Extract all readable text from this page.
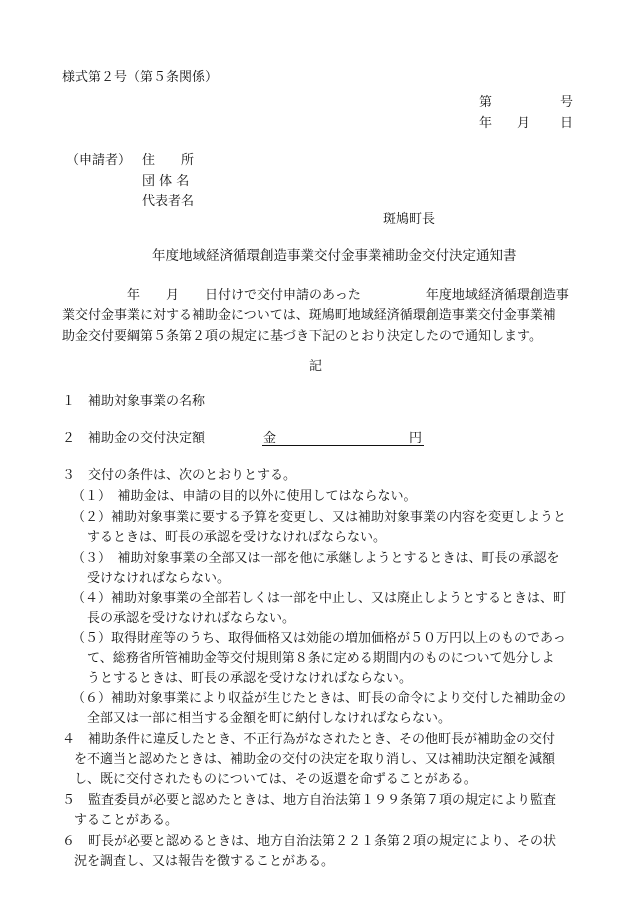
様式第２号（第５条関係）
第	号
年 月 日
（申請者） 住　　所
団 体 名
代表者名
斑鳩町長
年度地域経済循環創造事業交付金事業補助金交付決定通知書
　　　　　年　　月　　日付けで交付申請のあった　　　　　年度地域経済循環創造事
業交付金事業に対する補助金については、斑鳩町地域経済循環創造事業交付金事業補
助金交付要綱第５条第２項の規定に基づき下記のとおり決定したので通知します。
記
１　補助対象事業の名称
２　補助金の交付決定額	金	円
３　交付の条件は、次のとおりとする。
（１）　補助金は、申請の目的以外に使用してはならない。
（２）補助対象事業に要する予算を変更し、又は補助対象事業の内容を変更しようと
するときは、町長の承認を受けなければならない。
（３）　補助対象事業の全部又は一部を他に承継しようとするときは、町長の承認を
受けなければならない。
（４）補助対象事業の全部若しくは一部を中止し、又は廃止しようとするときは、町
長の承認を受けなければならない。
（５）取得財産等のうち、取得価格又は効能の増加価格が５０万円以上のものであっ
て、総務省所管補助金等交付規則第８条に定める期間内のものについて処分しよ
うとするときは、町長の承認を受けなければならない。
（６）補助対象事業により収益が生じたときは、町長の命令により交付した補助金の
全部又は一部に相当する金額を町に納付しなければならない。
４　補助条件に違反したとき、不正行為がなされたとき、その他町長が補助金の交付
を不適当と認めたときは、補助金の交付の決定を取り消し、又は補助決定額を減額
し、既に交付されたものについては、その返還を命ずることがある。
５　監査委員が必要と認めたときは、地方自治法第１９９条第７項の規定により監査
することがある。
６　町長が必要と認めるときは、地方自治法第２２１条第２項の規定により、その状
況を調査し、又は報告を徴することがある。
